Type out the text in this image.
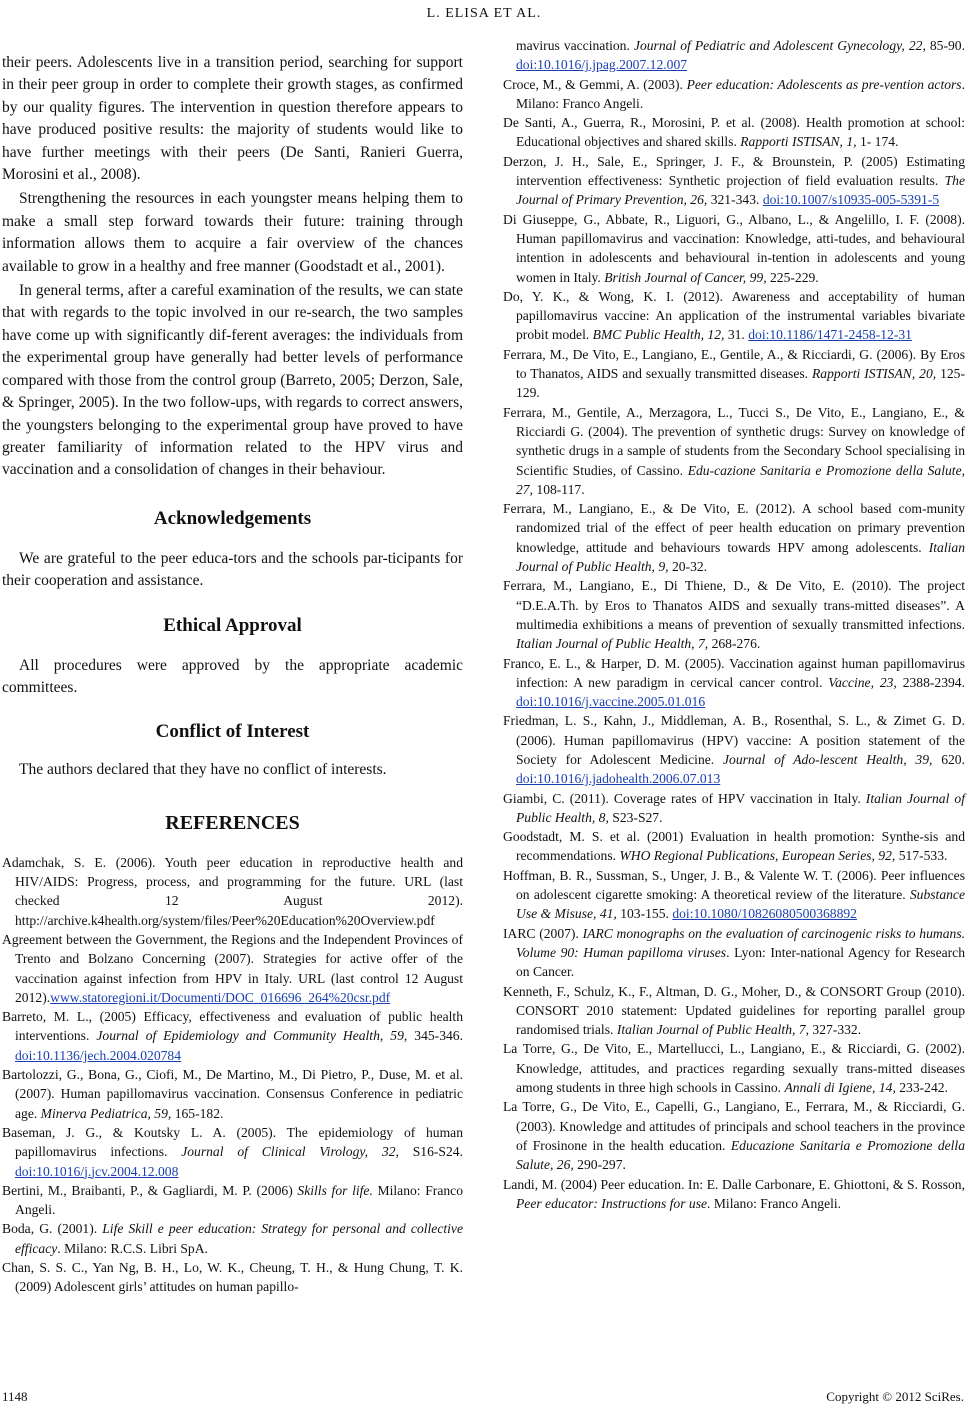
L. ELISA ET AL.

their peers. Adolescents live in a transition period, searching for support in their peer group in order to complete their growth stages, as confirmed by our quality figures. The intervention in question therefore appears to have produced positive results: the majority of students would like to have further meetings with their peers (De Santi, Ranieri Guerra, Morosini et al., 2008).

Strengthening the resources in each youngster means helping them to make a small step forward towards their future: training through information allows them to acquire a fair overview of the chances available to grow in a healthy and free manner (Goodstadt et al., 2001).

In general terms, after a careful examination of the results, we can state that with regards to the topic involved in our re-search, the two samples have come up with significantly dif-ferent averages: the individuals from the experimental group have generally had better levels of performance compared with those from the control group (Barreto, 2005; Derzon, Sale, & Springer, 2005). In the two follow-ups, with regards to correct answers, the youngsters belonging to the experimental group have proved to have greater familiarity of information related to the HPV virus and vaccination and a consolidation of changes in their behaviour.

Acknowledgements

We are grateful to the peer educa-tors and the schools par-ticipants for their cooperation and assistance.

Ethical Approval

All procedures were approved by the appropriate academic committees.

Conflict of Interest

The authors declared that they have no conflict of interests.

REFERENCES

Adamchak, S. E. (2006). Youth peer education in reproductive health and HIV/AIDS: Progress, process, and programming for the future. URL (last checked 12 August 2012). http://archive.k4health.org/system/files/Peer%20Education%20Overview.pdf

Agreement between the Government, the Regions and the Independent Provinces of Trento and Bolzano Concerning (2007). Strategies for active offer of the vaccination against infection from HPV in Italy. URL (last control 12 August 2012).www.statoregioni.it/Documenti/DOC_016696_264%20csr.pdf

Barreto, M. L., (2005) Efficacy, effectiveness and evaluation of public health interventions. Journal of Epidemiology and Community Health, 59, 345-346. doi:10.1136/jech.2004.020784

Bartolozzi, G., Bona, G., Ciofi, M., De Martino, M., Di Pietro, P., Duse, M. et al. (2007). Human papillomavirus vaccination. Consensus Conference in pediatric age. Minerva Pediatrica, 59, 165-182.

Baseman, J. G., & Koutsky L. A. (2005). The epidemiology of human papillomavirus infections. Journal of Clinical Virology, 32, S16-S24. doi:10.1016/j.jcv.2004.12.008

Bertini, M., Braibanti, P., & Gagliardi, M. P. (2006) Skills for life. Milano: Franco Angeli.

Boda, G. (2001). Life Skill e peer education: Strategy for personal and collective efficacy. Milano: R.C.S. Libri SpA.

Chan, S. S. C., Yan Ng, B. H., Lo, W. K., Cheung, T. H., & Hung Chung, T. K. (2009) Adolescent girls’ attitudes on human papillo-

mavirus vaccination. Journal of Pediatric and Adolescent Gynecology, 22, 85-90. doi:10.1016/j.jpag.2007.12.007

Croce, M., & Gemmi, A. (2003). Peer education: Adolescents as pre-vention actors. Milano: Franco Angeli.

De Santi, A., Guerra, R., Morosini, P. et al. (2008). Health promotion at school: Educational objectives and shared skills. Rapporti ISTISAN, 1, 1- 174.

Derzon, J. H., Sale, E., Springer, J. F., & Brounstein, P. (2005) Estimating intervention effectiveness: Synthetic projection of field evaluation results. The Journal of Primary Prevention, 26, 321-343. doi:10.1007/s10935-005-5391-5

Di Giuseppe, G., Abbate, R., Liguori, G., Albano, L., & Angelillo, I. F. (2008). Human papillomavirus and vaccination: Knowledge, atti-tudes, and behavioural intention in adolescents and behavioural in-tention in adolescents and young women in Italy. British Journal of Cancer, 99, 225-229.

Do, Y. K., & Wong, K. I. (2012). Awareness and acceptability of human papillomavirus vaccine: An application of the instrumental variables bivariate probit model. BMC Public Health, 12, 31. doi:10.1186/1471-2458-12-31

Ferrara, M., De Vito, E., Langiano, E., Gentile, A., & Ricciardi, G. (2006). By Eros to Thanatos, AIDS and sexually transmitted diseases. Rapporti ISTISAN, 20, 125-129.

Ferrara, M., Gentile, A., Merzagora, L., Tucci S., De Vito, E., Langiano, E., & Ricciardi G. (2004). The prevention of synthetic drugs: Survey on knowledge of synthetic drugs in a sample of students from the Secondary School specialising in Scientific Studies, of Cassino. Edu-cazione Sanitaria e Promozione della Salute, 27, 108-117.

Ferrara, M., Langiano, E., & De Vito, E. (2012). A school based com-munity randomized trial of the effect of peer health education on primary prevention knowledge, attitude and behaviours towards HPV among adolescents. Italian Journal of Public Health, 9, 20-32.

Ferrara, M., Langiano, E., Di Thiene, D., & De Vito, E. (2010). The project “D.E.A.Th. by Eros to Thanatos AIDS and sexually trans-mitted diseases”. A multimedia exhibitions a means of prevention of sexually transmitted infections. Italian Journal of Public Health, 7, 268-276.

Franco, E. L., & Harper, D. M. (2005). Vaccination against human papillomavirus infection: A new paradigm in cervical cancer control. Vaccine, 23, 2388-2394. doi:10.1016/j.vaccine.2005.01.016

Friedman, L. S., Kahn, J., Middleman, A. B., Rosenthal, S. L., & Zimet G. D. (2006). Human papillomavirus (HPV) vaccine: A position statement of the Society for Adolescent Medicine. Journal of Ado-lescent Health, 39, 620. doi:10.1016/j.jadohealth.2006.07.013

Giambi, C. (2011). Coverage rates of HPV vaccination in Italy. Italian Journal of Public Health, 8, S23-S27.

Goodstadt, M. S. et al. (2001) Evaluation in health promotion: Synthe-sis and recommendations. WHO Regional Publications, European Series, 92, 517-533.

Hoffman, B. R., Sussman, S., Unger, J. B., & Valente W. T. (2006). Peer influences on adolescent cigarette smoking: A theoretical review of the literature. Substance Use & Misuse, 41, 103-155. doi:10.1080/10826080500368892

IARC (2007). IARC monographs on the evaluation of carcinogenic risks to humans. Volume 90: Human papilloma viruses. Lyon: Inter-national Agency for Research on Cancer.

Kenneth, F., Schulz, K., F., Altman, D. G., Moher, D., & CONSORT Group (2010). CONSORT 2010 statement: Updated guidelines for reporting parallel group randomised trials. Italian Journal of Public Health, 7, 327-332.

La Torre, G., De Vito, E., Martellucci, L., Langiano, E., & Ricciardi, G. (2002). Knowledge, attitudes, and practices regarding sexually trans-mitted diseases among students in three high schools in Cassino. Annali di Igiene, 14, 233-242.

La Torre, G., De Vito, E., Capelli, G., Langiano, E., Ferrara, M., & Ricciardi, G. (2003). Knowledge and attitudes of principals and school teachers in the province of Frosinone in the health education. Educazione Sanitaria e Promozione della Salute, 26, 290-297.

Landi, M. (2004) Peer education. In: E. Dalle Carbonare, E. Ghiottoni, & S. Rosson, Peer educator: Instructions for use. Milano: Franco Angeli.

1148	Copyright © 2012 SciRes.
